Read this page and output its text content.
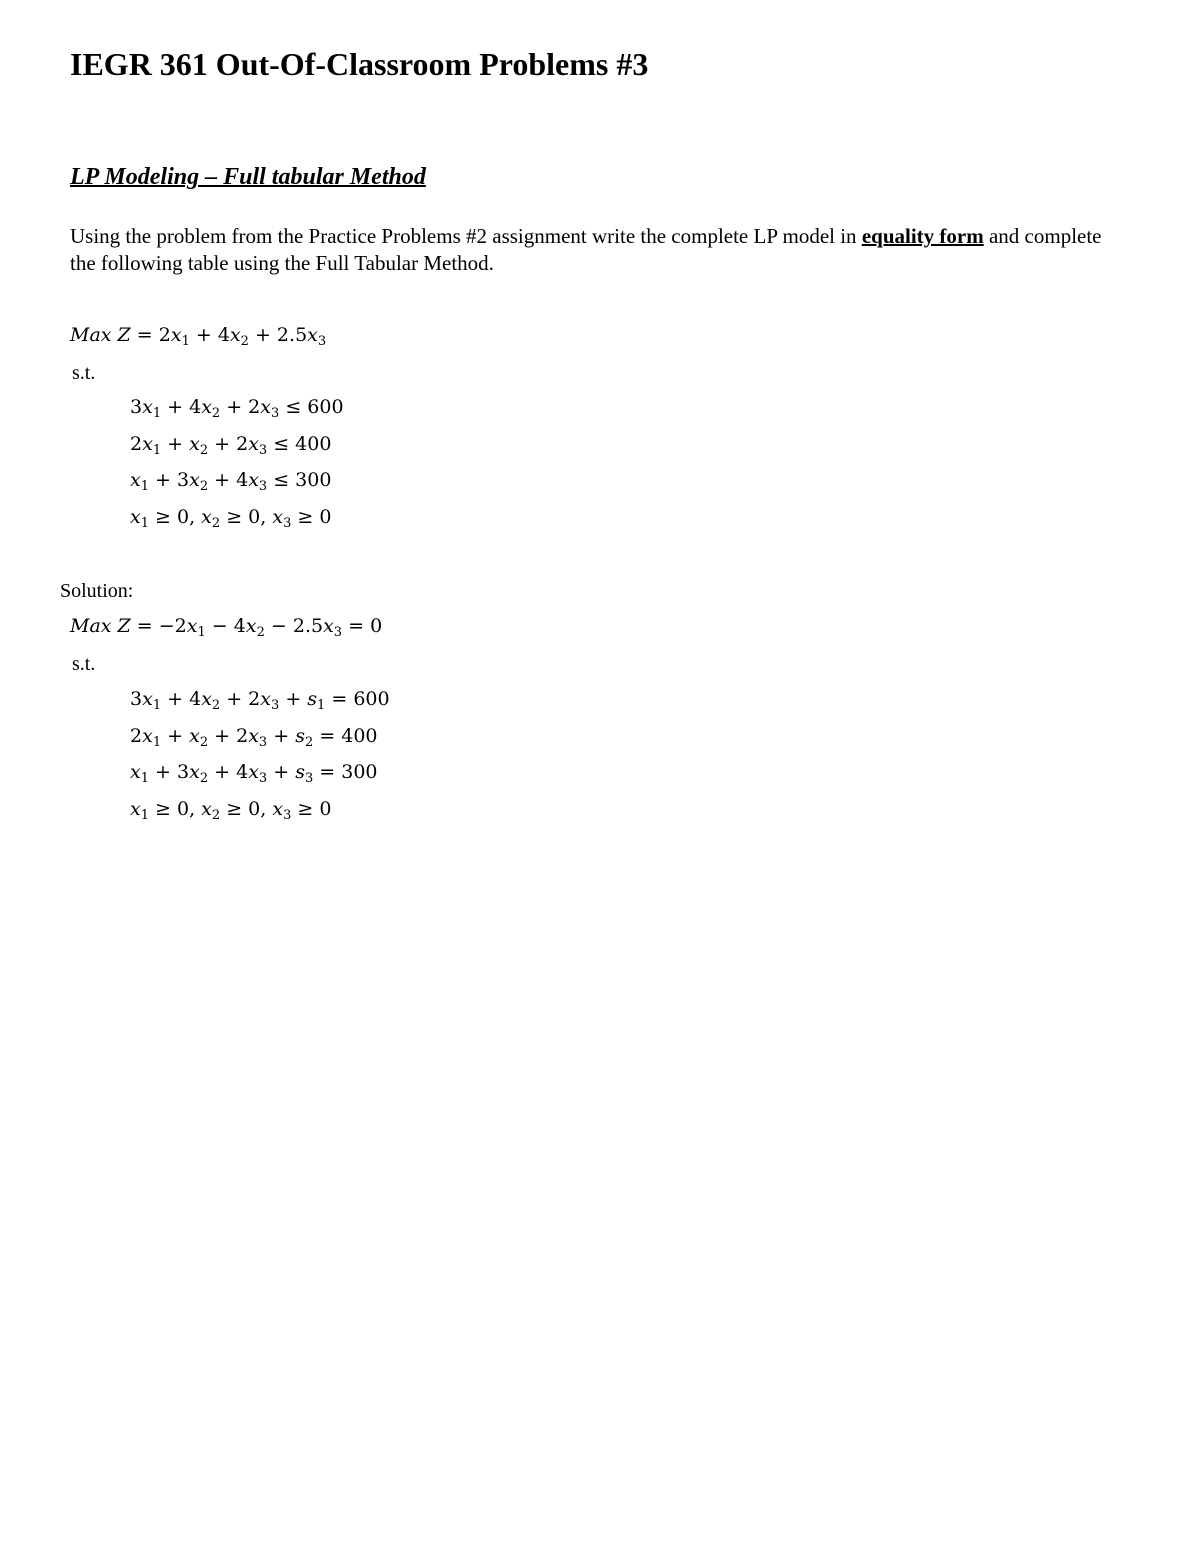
IEGR 361 Out-Of-Classroom Problems #3
LP Modeling – Full tabular Method
Using the problem from the Practice Problems #2 assignment write the complete LP model in equality form and complete the following table using the Full Tabular Method.
Max $Z = 2x_1 + 4x_2 + 2.5x_3$
s.t.
$3x_1 + 4x_2 + 2x_3 \le 600$
$2x_1 + x_2 + 2x_3 \le 400$
$x_1 + 3x_2 + 4x_3 \le 300$
$x_1 \ge 0$, $x_2 \ge 0$, $x_3 \ge 0$
Solution:
Max $Z = -2x_1 - 4x_2 - 2.5x_3 = 0$
s.t.
$3x_1 + 4x_2 + 2x_3 + s_1 = 600$
$2x_1 + x_2 + 2x_3 + s_2 = 400$
$x_1 + 3x_2 + 4x_3 + s_3 = 300$
$x_1 \ge 0$, $x_2 \ge 0$, $x_3 \ge 0$
